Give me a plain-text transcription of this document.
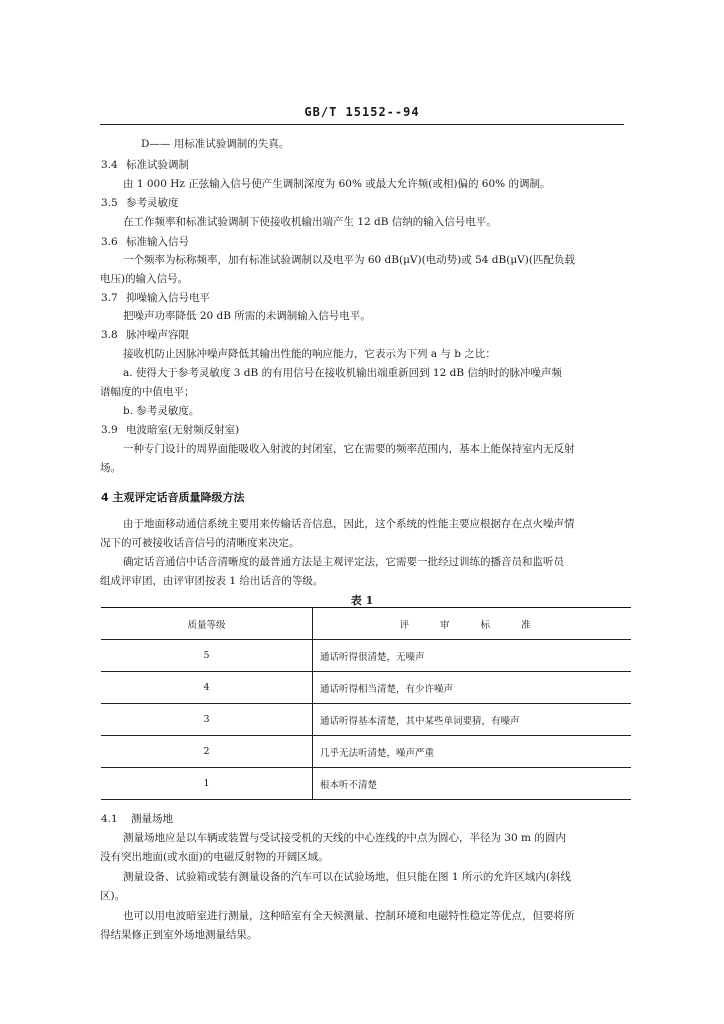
GB/T 15152--94
D—— 用标准试验调制的失真。
3.4 标准试验调制
由 1 000 Hz 正弦输入信号使产生调制深度为 60% 或最大允许频(或相)偏的 60% 的调制。
3.5 参考灵敏度
在工作频率和标准试验调制下使接收机输出端产生 12 dB 信纳的输入信号电平。
3.6 标准输入信号
一个频率为标称频率，加有标准试验调制以及电平为 60 dB(μV)(电动势)或 54 dB(μV)(匹配负载
电压)的输入信号。
3.7 抑噪输入信号电平
把噪声功率降低 20 dB 所需的未调制输入信号电平。
3.8 脉冲噪声容限
接收机防止因脉冲噪声降低其输出性能的响应能力，它表示为下列 a 与 b 之比：
a. 使得大于参考灵敏度 3 dB 的有用信号在接收机输出端重新回到 12 dB 信纳时的脉冲噪声频
谱幅度的中值电平；
b. 参考灵敏度。
3.9 电波暗室(无射频反射室)
一种专门设计的周界面能吸收入射波的封闭室，它在需要的频率范围内，基本上能保持室内无反射
场。
4 主观评定话音质量降级方法
由于地面移动通信系统主要用来传输话音信息，因此，这个系统的性能主要应根据存在点火噪声情
况下的可被接收话音信号的清晰度来决定。
确定话音通信中话音清晰度的最普通方法是主观评定法，它需要一批经过训练的播音员和监听员
组成评审团，由评审团按表 1 给出话音的等级。
表 1
质量等级	评 审 标 准
5	通话听得很清楚，无噪声
4	通话听得相当清楚，有少许噪声
3	通话听得基本清楚，其中某些单词要猜，有噪声
2	几乎无法听清楚，噪声严重
1	根本听不清楚
4.1 测量场地
测量场地应是以车辆或装置与受试接受机的天线的中心连线的中点为圆心，半径为 30 m 的圆内
没有突出地面(或水面)的电磁反射物的开阔区域。
测量设备、试验箱或装有测量设备的汽车可以在试验场地，但只能在图 1 所示的允许区域内(斜线
区)。
也可以用电波暗室进行测量，这种暗室有全天候测量、控制环境和电磁特性稳定等优点，但要将所
得结果修正到室外场地测量结果。
